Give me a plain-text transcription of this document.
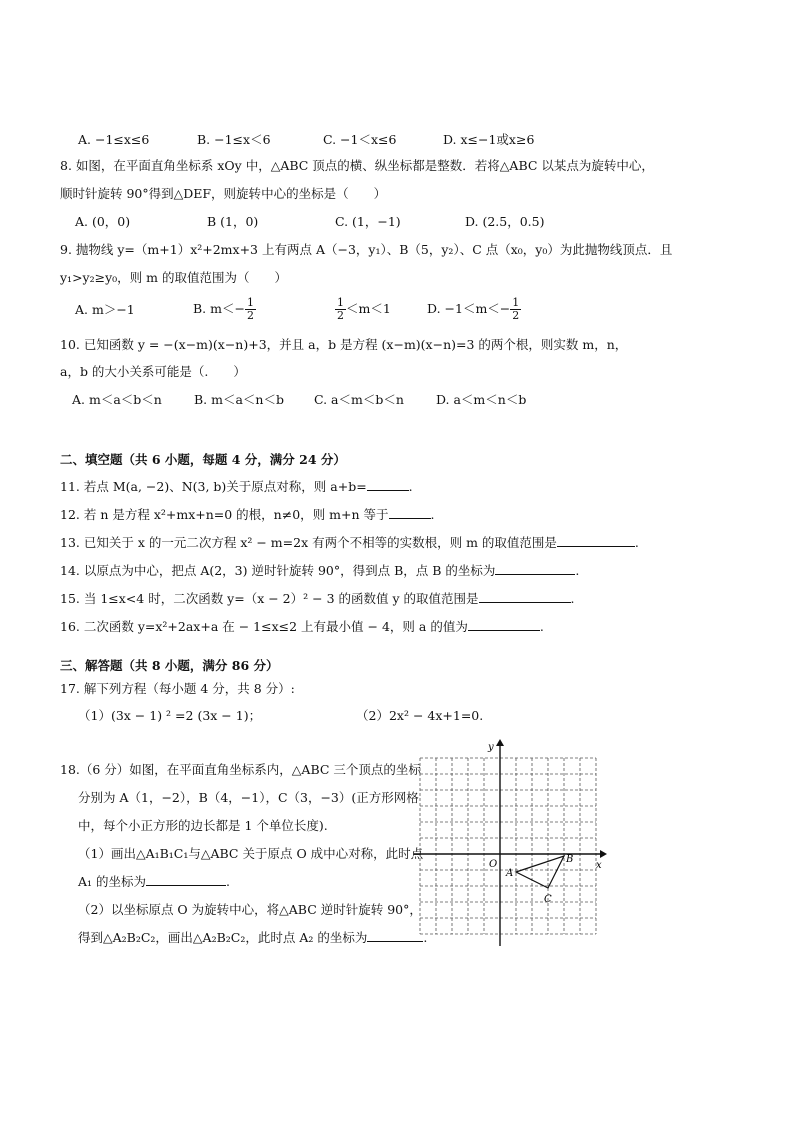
A. −1≤x≤6	B. −1≤x＜6	C. −1＜x≤6	D. x≤−1或x≥6
8. 如图，在平面直角坐标系 xOy 中，△ABC 顶点的横、纵坐标都是整数．若将△ABC 以某点为旋转中心，
顺时针旋转 90°得到△DEF，则旋转中心的坐标是（　　）
A. (0，0)	B (1，0)	C. (1，−1)	D. (2.5，0.5)
9. 抛物线 y=（m+1）x²+2mx+3 上有两点 A（−3，y₁）、B（5，y₂）、C 点（x₀，y₀）为此抛物线顶点．且
y₁>y₂≥y₀，则 m 的取值范围为（　　）
A. m＞−1	B. $m<- \frac{1}{2}$	$\frac{1}{2} <m<1$	D. $-1<m<- \frac{1}{2}$
10. 已知函数 y = −(x−m)(x−n)+3，并且 a，b 是方程 (x−m)(x−n)=3 的两个根，则实数 m，n，
a，b 的大小关系可能是（.　　）
A. m＜a＜b＜n	B. m＜a＜n＜b C. a＜m＜b＜n	D. a＜m＜n＜b
二、填空题（共 6 小题，每题 4 分，满分 24 分）
11. 若点 M(a, −2)、N(3, b)关于原点对称，则 a+b=	.
12. 若 n 是方程 x²+mx+n=0 的根，n≠0，则 m+n 等于	.
13. 已知关于 x 的一元二次方程 x² − m=2x 有两个不相等的实数根，则 m 的取值范围是	.
14. 以原点为中心，把点 A(2，3) 逆时针旋转 90°，得到点 B，点 B 的坐标为	.
15. 当 1≤x<4 时，二次函数 y=（x − 2）² − 3 的函数值 y 的取值范围是	.
16. 二次函数 y=x²+2ax+a 在 − 1≤x≤2 上有最小值 − 4，则 a 的值为	.
三、解答题（共 8 小题，满分 86 分）
17. 解下列方程（每小题 4 分，共 8 分）:
（1）(3x − 1) ² =2 (3x − 1)；	（2）2x² − 4x+1=0.
18.（6 分）如图，在平面直角坐标系内，△ABC 三个顶点的坐标
分别为 A（1，−2），B（4，−1），C（3，−3）(正方形网格
中，每个小正方形的边长都是 1 个单位长度).
（1）画出△A₁B₁C₁与△ABC 关于原点 O 成中心对称，此时点
A₁ 的坐标为	.
（2）以坐标原点 O 为旋转中心，将△ABC 逆时针旋转 90°，
得到△A₂B₂C₂，画出△A₂B₂C₂，此时点 A₂ 的坐标为	.
x
y
O
A
B
C
